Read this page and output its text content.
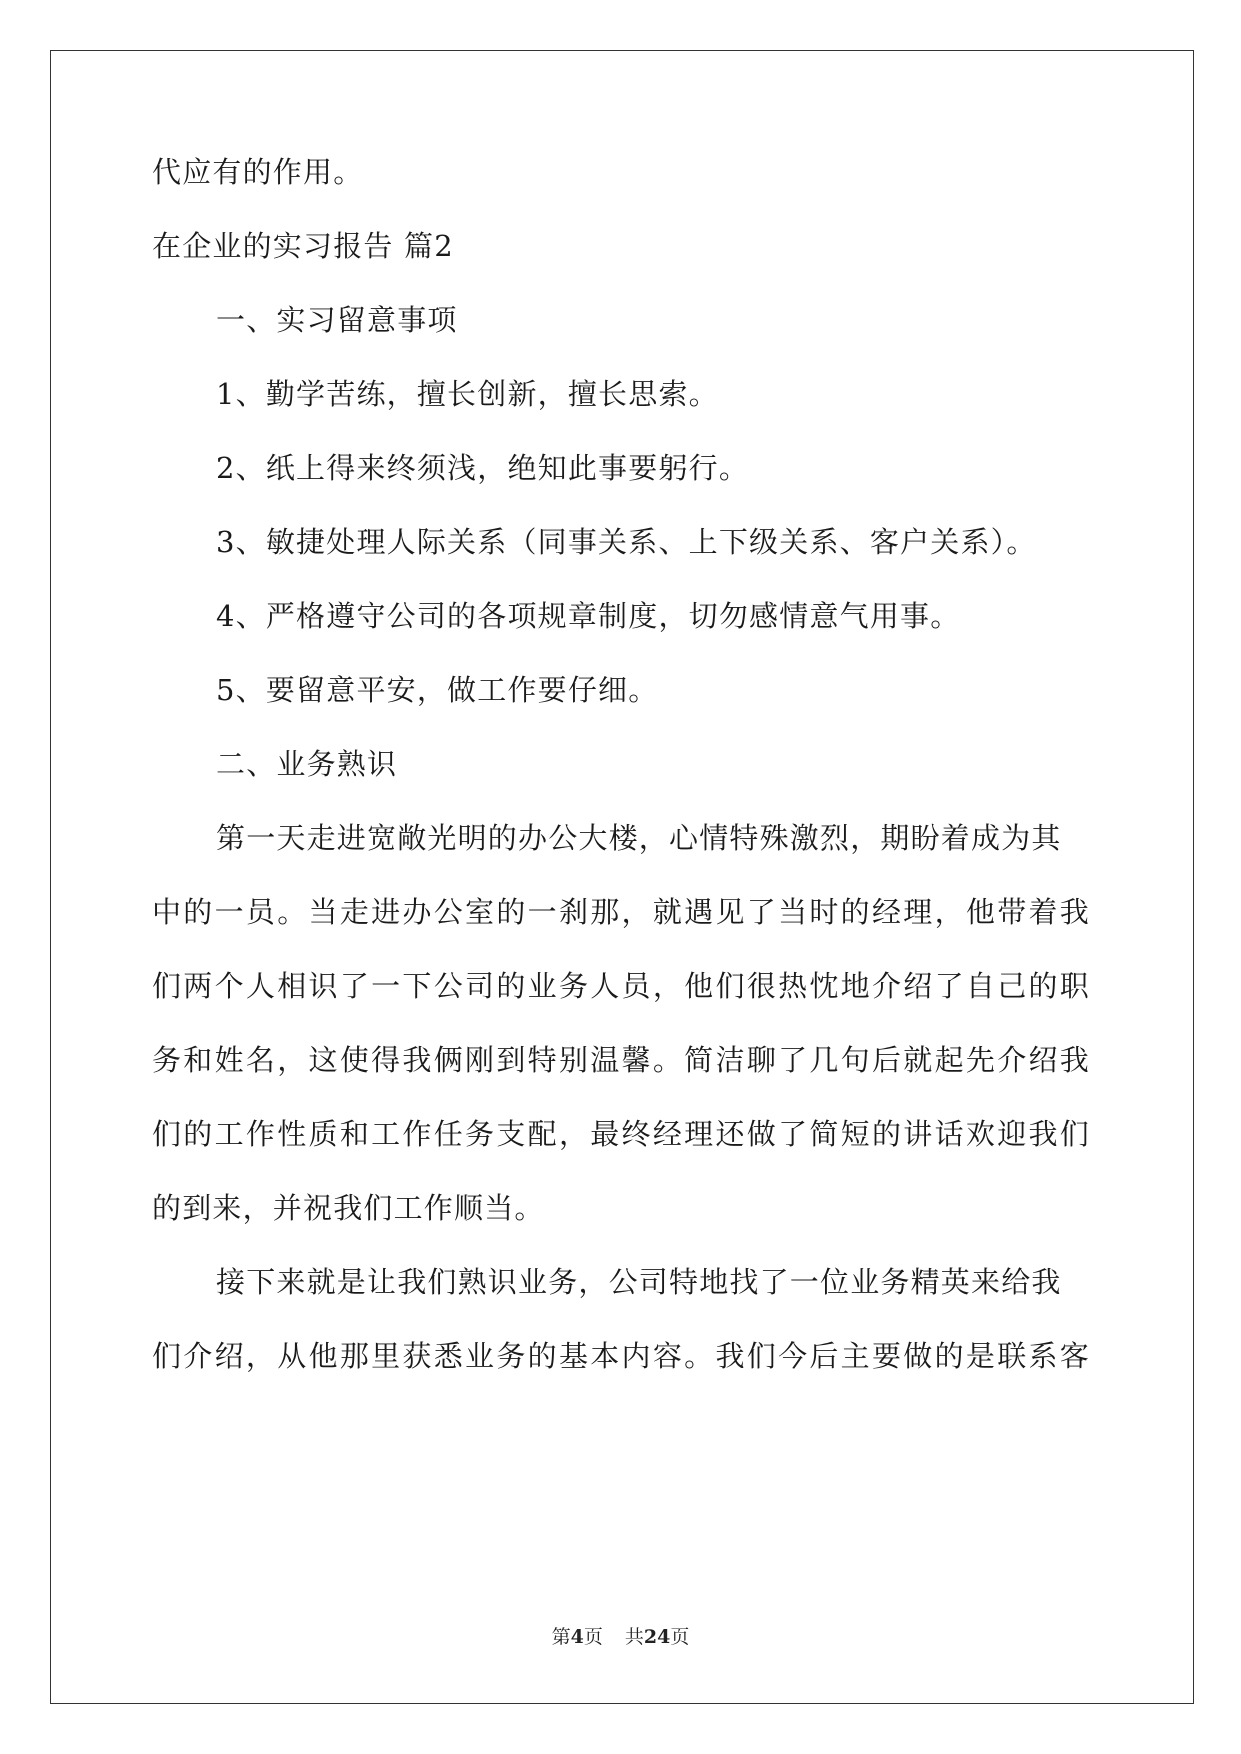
代应有的作用。
在企业的实习报告 篇2
一、实习留意事项
1、勤学苦练，擅长创新，擅长思索。
2、纸上得来终须浅，绝知此事要躬行。
3、敏捷处理人际关系（同事关系、上下级关系、客户关系）。
4、严格遵守公司的各项规章制度，切勿感情意气用事。
5、要留意平安，做工作要仔细。
二、业务熟识
第一天走进宽敞光明的办公大楼，心情特殊激烈，期盼着成为其
中的一员。当走进办公室的一刹那，就遇见了当时的经理，他带着我
们两个人相识了一下公司的业务人员，他们很热忱地介绍了自己的职
务和姓名，这使得我俩刚到特别温馨。简洁聊了几句后就起先介绍我
们的工作性质和工作任务支配，最终经理还做了简短的讲话欢迎我们
的到来，并祝我们工作顺当。
接下来就是让我们熟识业务，公司特地找了一位业务精英来给我
们介绍，从他那里获悉业务的基本内容。我们今后主要做的是联系客
第4页 共24页
